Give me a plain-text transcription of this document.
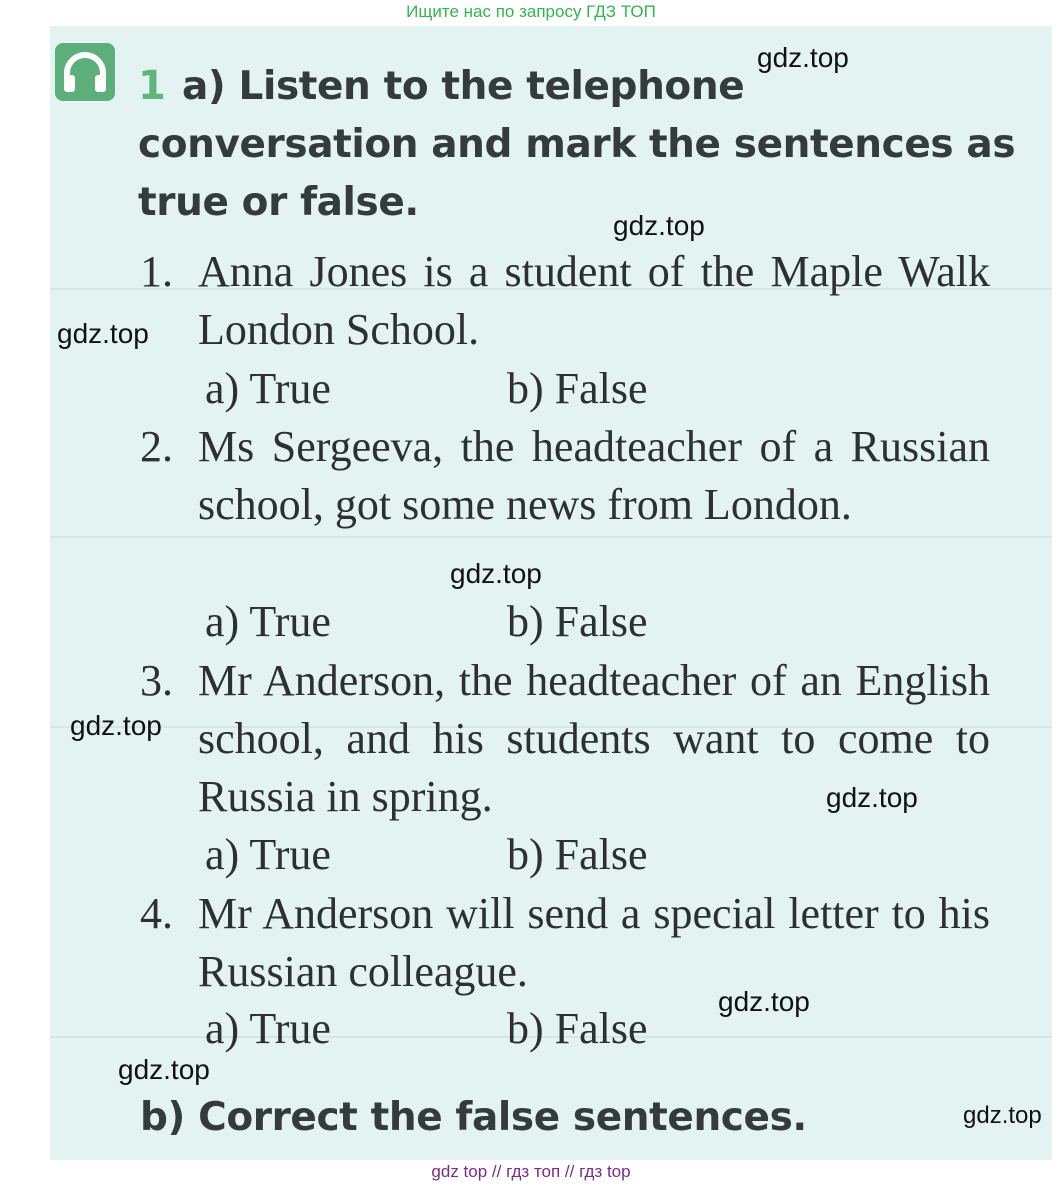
Ищите нас по запросу ГДЗ ТОП
1 a) Listen to the telephone conversation and mark the sentences as true or false.
1. Anna Jones is a student of the Maple Walk London School.
a) True	b) False
2. Ms Sergeeva, the headteacher of a Russian school, got some news from London.
a) True	b) False
3. Mr Anderson, the headteacher of an English school, and his students want to come to Russia in spring.
a) True	b) False
4. Mr Anderson will send a special letter to his Russian colleague.
a) True	b) False
b) Correct the false sentences.
gdz.top
gdz.top
gdz.top
gdz.top
gdz.top
gdz.top
gdz.top
gdz.top
gdz.top
gdz top // гдз топ // гдз top
